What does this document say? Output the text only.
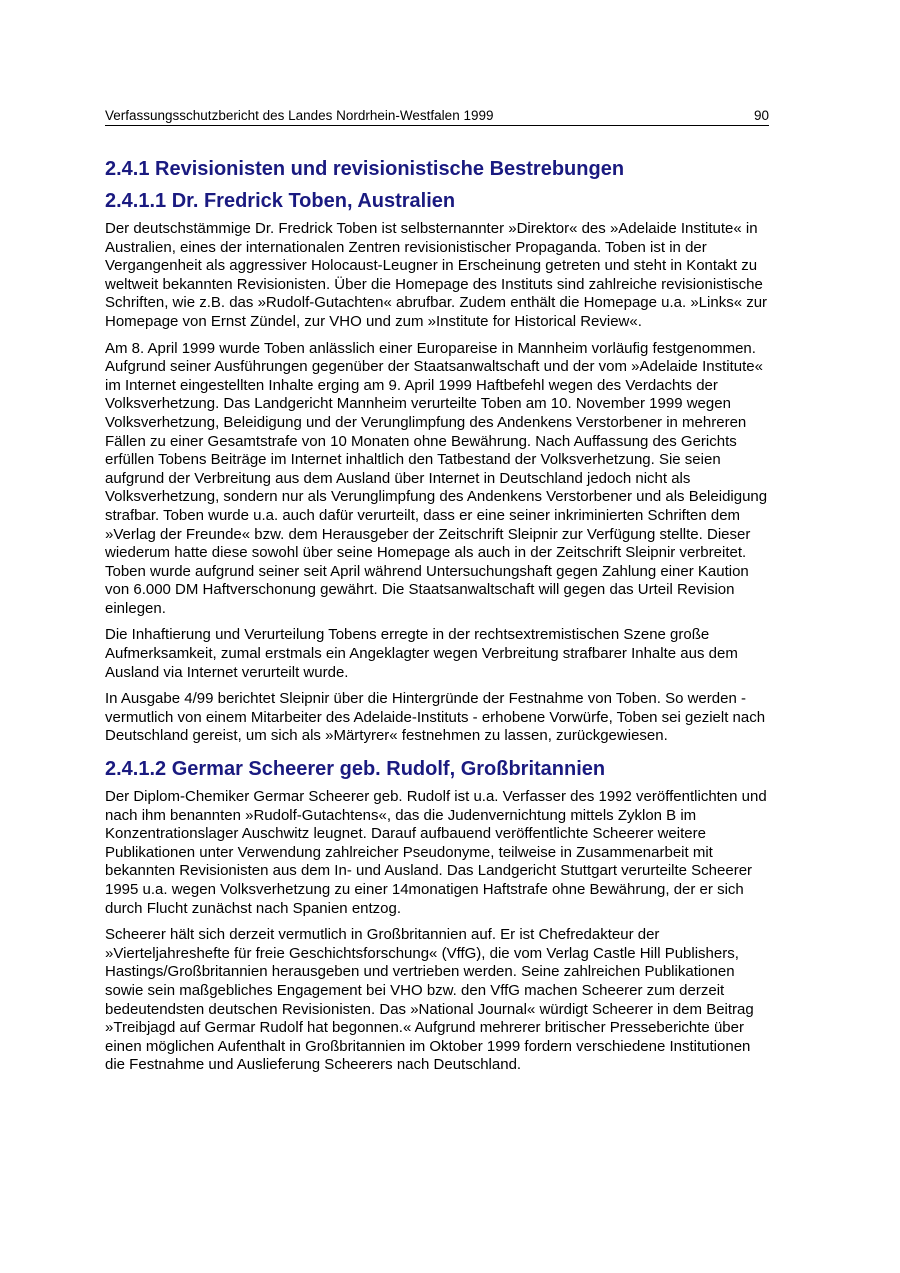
Verfassungsschutzbericht des Landes Nordrhein-Westfalen 1999	90
2.4.1 Revisionisten und revisionistische Bestrebungen
2.4.1.1 Dr. Fredrick Toben, Australien

Der deutschstämmige Dr. Fredrick Toben ist selbsternannter »Direktor« des »Adelaide Institute« in Australien, eines der internationalen Zentren revisionistischer Propaganda. Toben ist in der Vergangenheit als aggressiver Holocaust-Leugner in Erscheinung getreten und steht in Kontakt zu weltweit bekannten Revisionisten. Über die Homepage des Instituts sind zahlreiche revisionistische Schriften, wie z.B. das »Rudolf-Gutachten« abrufbar. Zudem enthält die Homepage u.a. »Links« zur Homepage von Ernst Zündel, zur VHO und zum »Institute for Historical Review«.

Am 8. April 1999 wurde Toben anlässlich einer Europareise in Mannheim vorläufig festgenommen. Aufgrund seiner Ausführungen gegenüber der Staatsanwaltschaft und der vom »Adelaide Institute« im Internet eingestellten Inhalte erging am 9. April 1999 Haftbefehl wegen des Verdachts der Volksverhetzung. Das Landgericht Mannheim verurteilte Toben am 10. November 1999 wegen Volksverhetzung, Beleidigung und der Verunglimpfung des Andenkens Verstorbener in mehreren Fällen zu einer Gesamtstrafe von 10 Monaten ohne Bewährung. Nach Auffassung des Gerichts erfüllen Tobens Beiträge im Internet inhaltlich den Tatbestand der Volksverhetzung. Sie seien aufgrund der Verbreitung aus dem Ausland über Internet in Deutschland jedoch nicht als Volksverhetzung, sondern nur als Verunglimpfung des Andenkens Verstorbener und als Beleidigung strafbar. Toben wurde u.a. auch dafür verurteilt, dass er eine seiner inkriminierten Schriften dem »Verlag der Freunde« bzw. dem Herausgeber der Zeitschrift Sleipnir zur Verfügung stellte. Dieser wiederum hatte diese sowohl über seine Homepage als auch in der Zeitschrift Sleipnir verbreitet. Toben wurde aufgrund seiner seit April während Untersuchungshaft gegen Zahlung einer Kaution von 6.000 DM Haftverschonung gewährt. Die Staatsanwaltschaft will gegen das Urteil Revision einlegen.

Die Inhaftierung und Verurteilung Tobens erregte in der rechtsextremistischen Szene große Aufmerksamkeit, zumal erstmals ein Angeklagter wegen Verbreitung strafbarer Inhalte aus dem Ausland via Internet verurteilt wurde.

In Ausgabe 4/99 berichtet Sleipnir über die Hintergründe der Festnahme von Toben. So werden - vermutlich von einem Mitarbeiter des Adelaide-Instituts - erhobene Vorwürfe, Toben sei gezielt nach Deutschland gereist, um sich als »Märtyrer« festnehmen zu lassen, zurückgewiesen.

2.4.1.2 Germar Scheerer geb. Rudolf, Großbritannien

Der Diplom-Chemiker Germar Scheerer geb. Rudolf ist u.a. Verfasser des 1992 veröffentlichten und nach ihm benannten »Rudolf-Gutachtens«, das die Judenvernichtung mittels Zyklon B im Konzentrationslager Auschwitz leugnet. Darauf aufbauend veröffentlichte Scheerer weitere Publikationen unter Verwendung zahlreicher Pseudonyme, teilweise in Zusammenarbeit mit bekannten Revisionisten aus dem In- und Ausland. Das Landgericht Stuttgart verurteilte Scheerer 1995 u.a. wegen Volksverhetzung zu einer 14monatigen Haftstrafe ohne Bewährung, der er sich durch Flucht zunächst nach Spanien entzog.

Scheerer hält sich derzeit vermutlich in Großbritannien auf. Er ist Chefredakteur der »Vierteljahreshefte für freie Geschichtsforschung« (VffG), die vom Verlag Castle Hill Publishers, Hastings/Großbritannien herausgeben und vertrieben werden. Seine zahlreichen Publikationen sowie sein maßgebliches Engagement bei VHO bzw. den VffG machen Scheerer zum derzeit bedeutendsten deutschen Revisionisten. Das »National Journal« würdigt Scheerer in dem Beitrag »Treibjagd auf Germar Rudolf hat begonnen.« Aufgrund mehrerer britischer Presseberichte über einen möglichen Aufenthalt in Großbritannien im Oktober 1999 fordern verschiedene Institutionen die Festnahme und Auslieferung Scheerers nach Deutschland.
